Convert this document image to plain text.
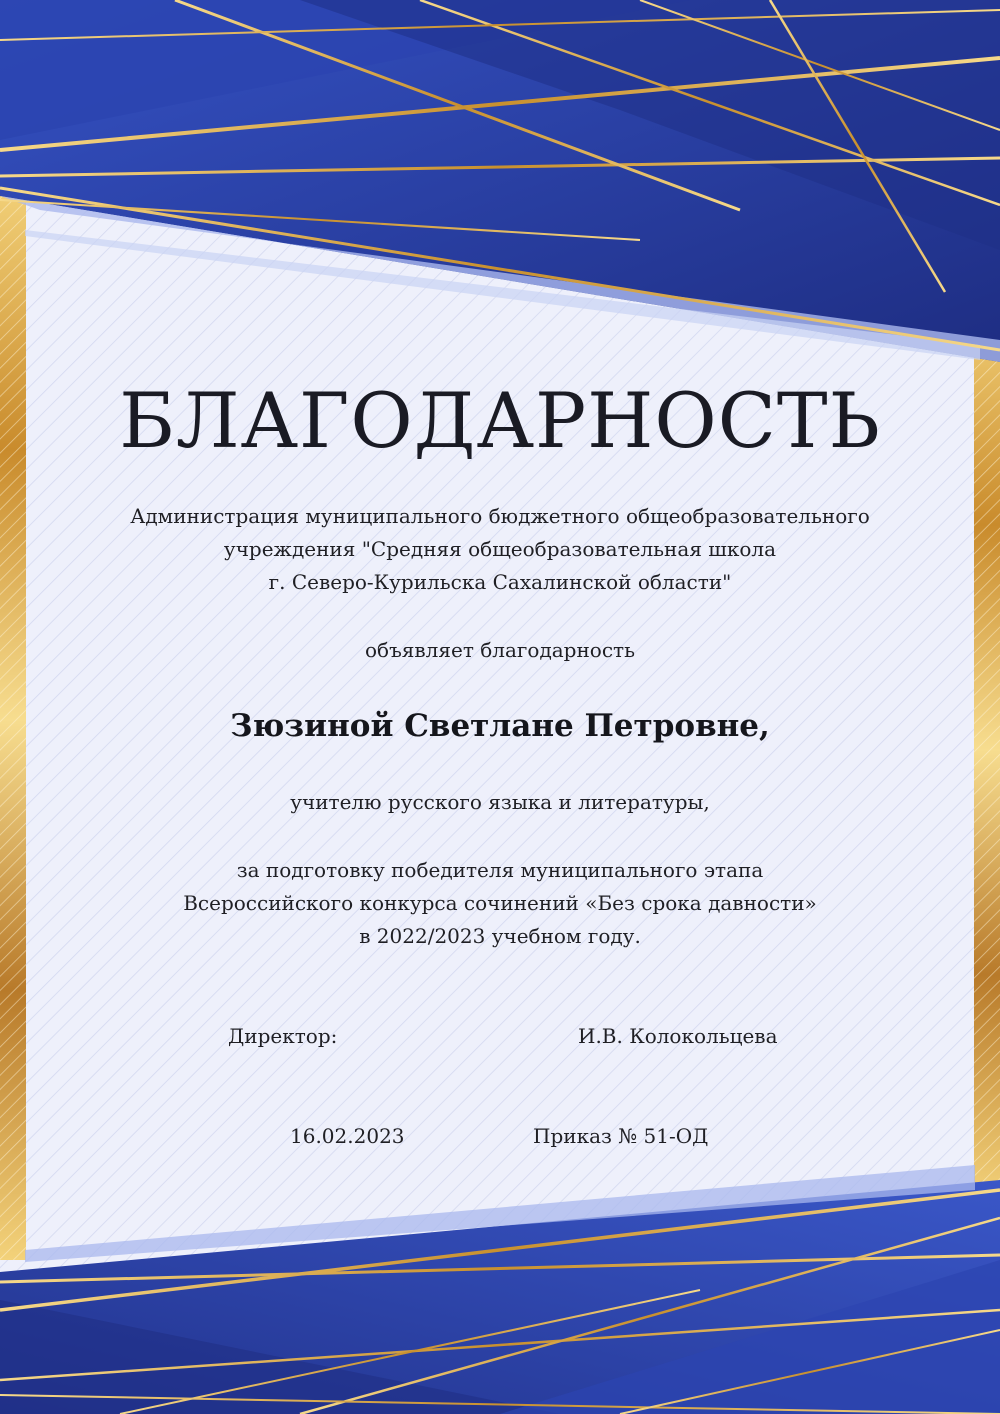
БЛАГОДАРНОСТЬ

Администрация муниципального бюджетного общеобразовательного

учреждения "Средняя общеобразовательная школа

г. Северо-Курильска Сахалинской области"

объявляет благодарность

Зюзиной Светлане Петровне,

учителю русского языка и литературы,

за подготовку победителя муниципального этапа

Всероссийского конкурса сочинений «Без срока давности»

в 2022/2023 учебном году.

Директор:	И.В. Колокольцева
16.02.2023	Приказ № 51-ОД
